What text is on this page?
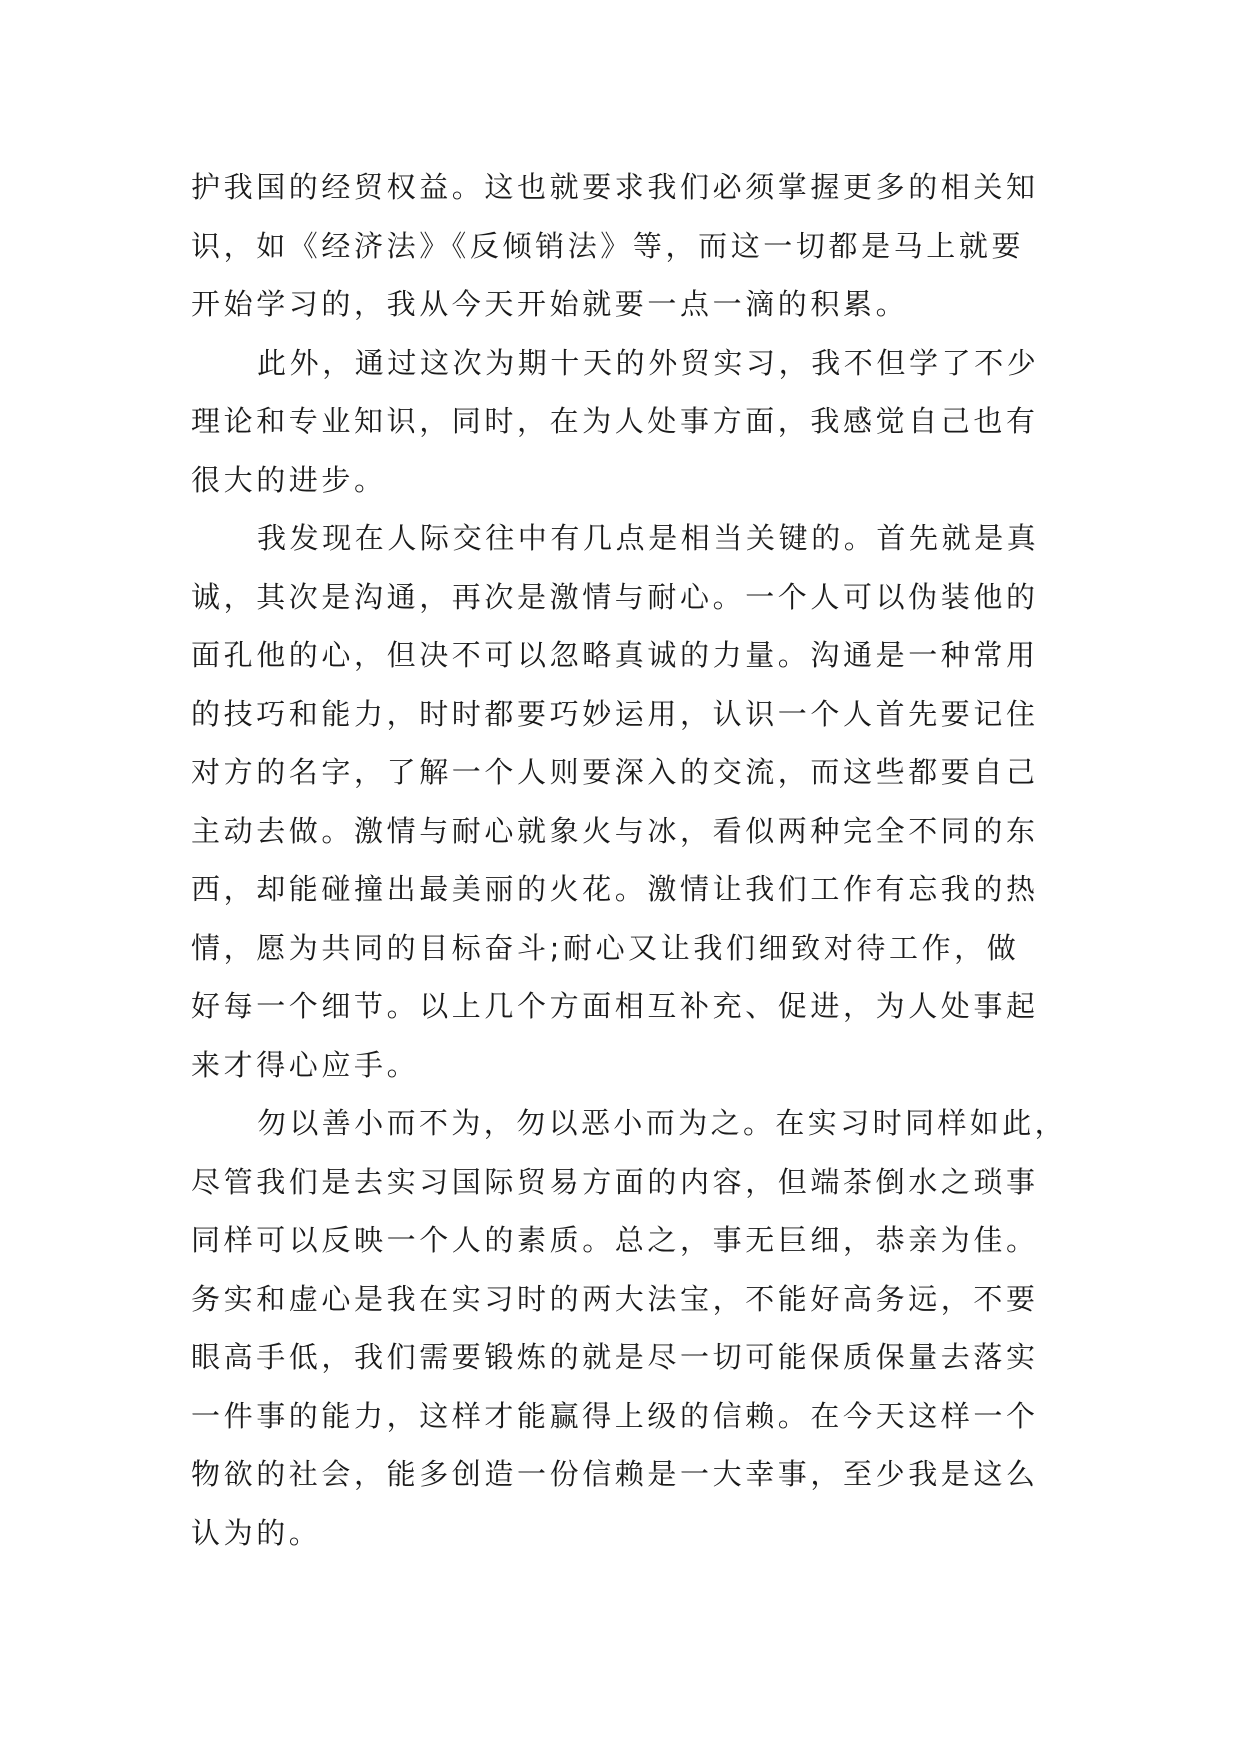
护我国的经贸权益。这也就要求我们必须掌握更多的相关知
识，如《经济法》《反倾销法》等，而这一切都是马上就要
开始学习的，我从今天开始就要一点一滴的积累。
此外，通过这次为期十天的外贸实习，我不但学了不少
理论和专业知识，同时，在为人处事方面，我感觉自己也有
很大的进步。
我发现在人际交往中有几点是相当关键的。首先就是真
诚，其次是沟通，再次是激情与耐心。一个人可以伪装他的
面孔他的心，但决不可以忽略真诚的力量。沟通是一种常用
的技巧和能力，时时都要巧妙运用，认识一个人首先要记住
对方的名字，了解一个人则要深入的交流，而这些都要自己
主动去做。激情与耐心就象火与冰，看似两种完全不同的东
西，却能碰撞出最美丽的火花。激情让我们工作有忘我的热
情，愿为共同的目标奋斗;耐心又让我们细致对待工作，做
好每一个细节。以上几个方面相互补充、促进，为人处事起
来才得心应手。
勿以善小而不为，勿以恶小而为之。在实习时同样如此，
尽管我们是去实习国际贸易方面的内容，但端茶倒水之琐事
同样可以反映一个人的素质。总之，事无巨细，恭亲为佳。
务实和虚心是我在实习时的两大法宝，不能好高务远，不要
眼高手低，我们需要锻炼的就是尽一切可能保质保量去落实
一件事的能力，这样才能赢得上级的信赖。在今天这样一个
物欲的社会，能多创造一份信赖是一大幸事，至少我是这么
认为的。
